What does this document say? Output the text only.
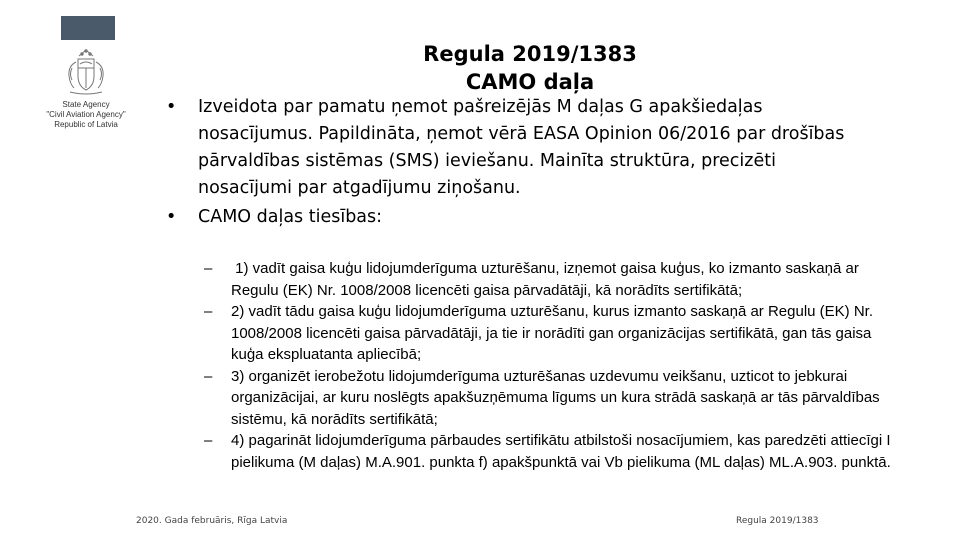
State Agency
"Civil Aviation Agency"
Republic of Latvia
Regula 2019/1383
CAMO daļa
• Izveidota par pamatu ņemot pašreizējās M daļas G apakšiedaļas nosacījumus. Papildināta, ņemot vērā EASA Opinion 06/2016 par drošības pārvaldības sistēmas (SMS) ieviešanu. Mainīta struktūra, precizēti nosacījumi par atgadījumu ziņošanu.
• CAMO daļas tiesības:
– 1) vadīt gaisa kuģu lidojumderīguma uzturēšanu, izņemot gaisa kuģus, ko izmanto saskaņā ar Regulu (EK) Nr. 1008/2008 licencēti gaisa pārvadātāji, kā norādīts sertifikātā;
– 2) vadīt tādu gaisa kuģu lidojumderīguma uzturēšanu, kurus izmanto saskaņā ar Regulu (EK) Nr. 1008/2008 licencēti gaisa pārvadātāji, ja tie ir norādīti gan organizācijas sertifikātā, gan tās gaisa kuģa ekspluatanta apliecībā;
– 3) organizēt ierobežotu lidojumderīguma uzturēšanas uzdevumu veikšanu, uzticot to jebkurai organizācijai, ar kuru noslēgts apakšuzņēmuma līgums un kura strādā saskaņā ar tās pārvaldības sistēmu, kā norādīts sertifikātā;
– 4) pagarināt lidojumderīguma pārbaudes sertifikātu atbilstoši nosacījumiem, kas paredzēti attiecīgi I pielikuma (M daļas) M.A.901. punkta f) apakšpunktā vai Vb pielikuma (ML daļas) ML.A.903. punktā.
2020. Gada februāris, Rīga Latvia	Regula 2019/1383
